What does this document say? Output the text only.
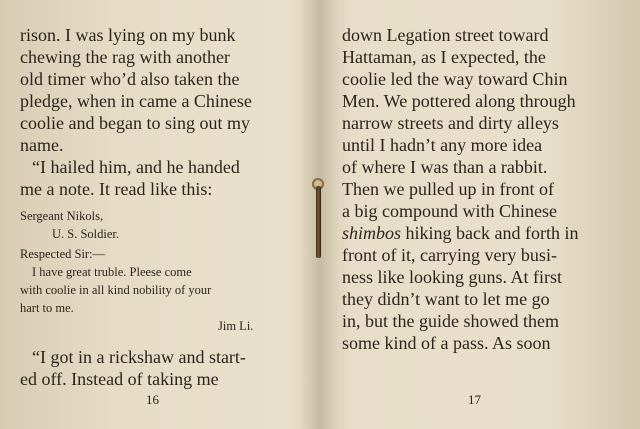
rison. I was lying on my bunk
chewing the rag with another
old timer who’d also taken the
pledge, when in came a Chinese
coolie and began to sing out my
name.
“I hailed him, and he handed
me a note. It read like this:
Sergeant Nikols,
U. S. Soldier.
Respected Sir:—
I have great truble. Pleese come
with coolie in all kind nobility of your
hart to me.
Jim Li.
“I got in a rickshaw and start-
ed off. Instead of taking me
16
down Legation street toward
Hattaman, as I expected, the
coolie led the way toward Chin
Men. We pottered along through
narrow streets and dirty alleys
until I hadn’t any more idea
of where I was than a rabbit.
Then we pulled up in front of
a big compound with Chinese
shimbos hiking back and forth in
front of it, carrying very busi-
ness like looking guns. At first
they didn’t want to let me go
in, but the guide showed them
some kind of a pass. As soon
17
